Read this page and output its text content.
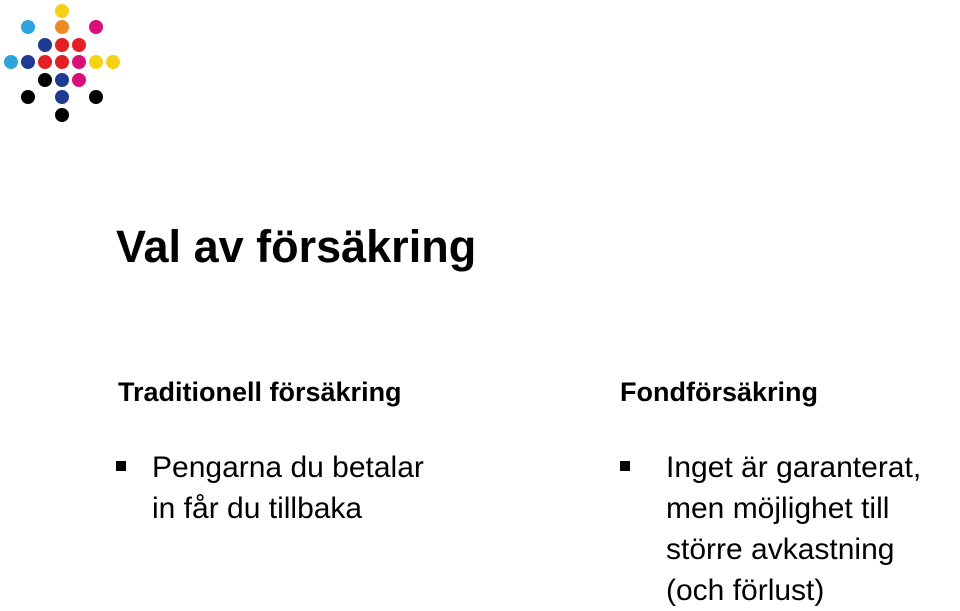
Val av försäkring
Traditionell försäkring
Pengarna du betalar
in får du tillbaka
Fondförsäkring
Inget är garanterat,
men möjlighet till
större avkastning
(och förlust)
